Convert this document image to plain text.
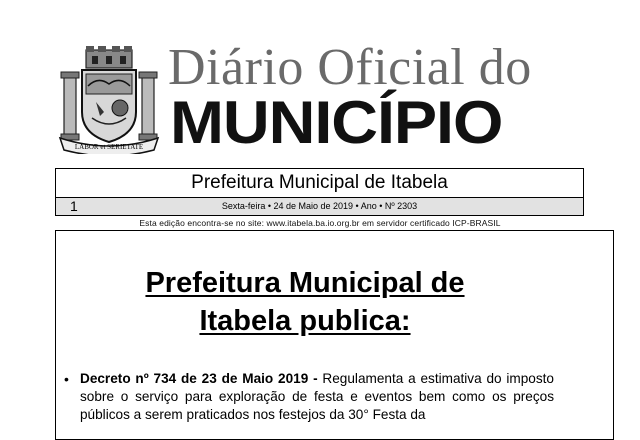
LABOR et SERIETATE
Diário Oficial do
MUNICÍPIO
Prefeitura Municipal de Itabela
1	Sexta-feira • 24 de Maio de 2019 • Ano • Nº 2303
Esta edição encontra-se no site: www.itabela.ba.io.org.br em servidor certificado ICP-BRASIL
Prefeitura Municipal de
Itabela publica:
• Decreto nº 734 de 23 de Maio 2019 - Regulamenta a estimativa do imposto sobre o serviço para exploração de festa e eventos bem como os preços públicos a serem praticados nos festejos da 30° Festa da
